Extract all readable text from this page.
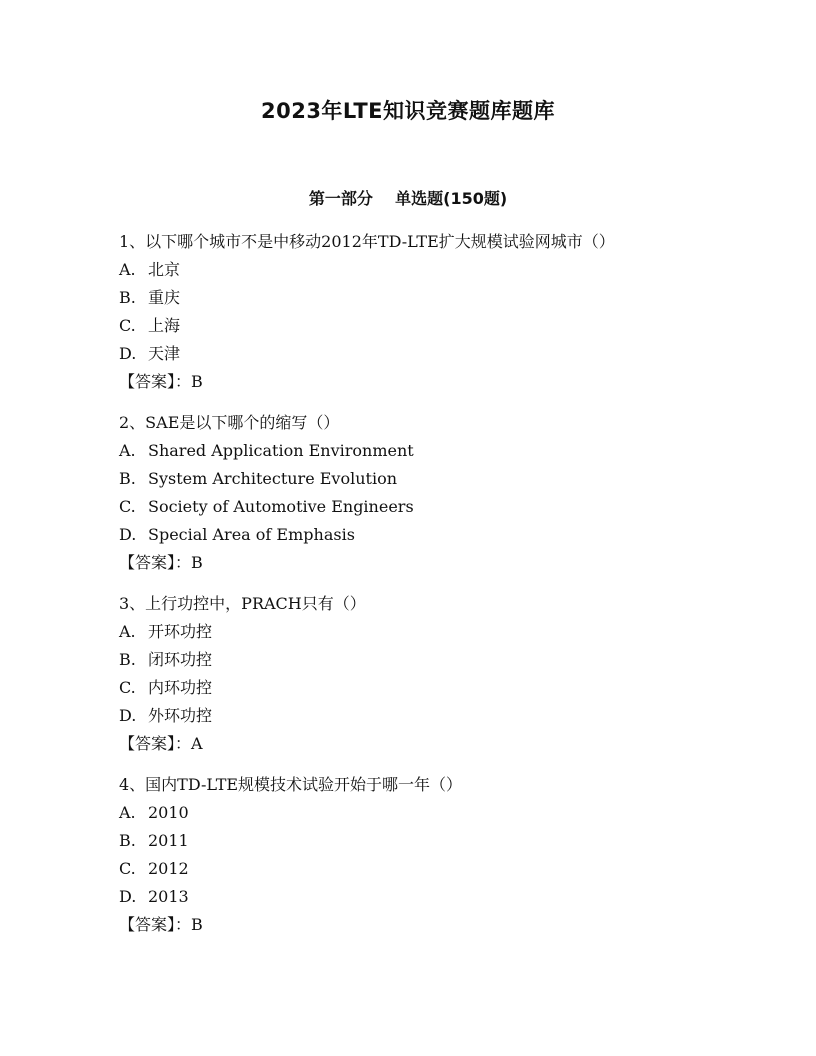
2023年LTE知识竞赛题库题库
第一部分    单选题(150题)
1、以下哪个城市不是中移动2012年TD-LTE扩大规模试验网城市（）
A. 北京
B. 重庆
C. 上海
D. 天津
【答案】：B
2、SAE是以下哪个的缩写（）
A. Shared Application Environment
B. System Architecture Evolution
C. Society of Automotive Engineers
D. Special Area of Emphasis
【答案】：B
3、上行功控中，PRACH只有（）
A. 开环功控
B. 闭环功控
C. 内环功控
D. 外环功控
【答案】：A
4、国内TD-LTE规模技术试验开始于哪一年（）
A. 2010
B. 2011
C. 2012
D. 2013
【答案】：B
